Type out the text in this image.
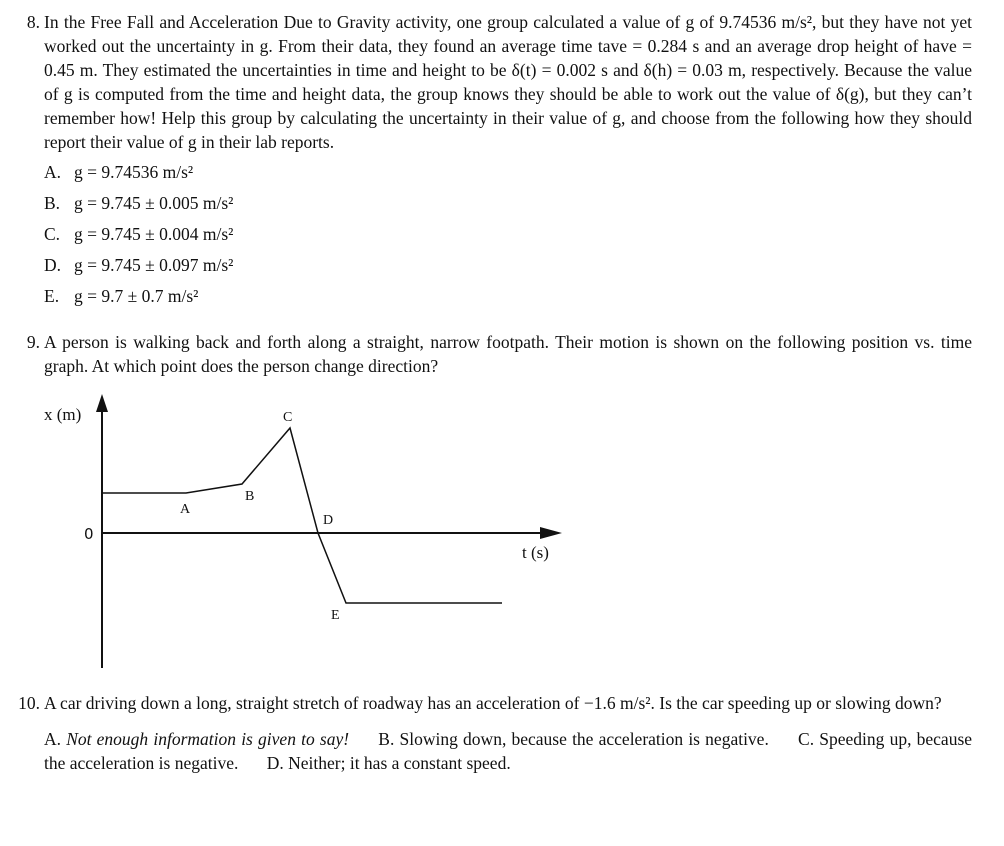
8. In the Free Fall and Acceleration Due to Gravity activity, one group calculated a value of g of 9.74536 m/s², but they have not yet worked out the uncertainty in g. From their data, they found an average time tave = 0.284 s and an average drop height of have = 0.45 m. They estimated the uncertainties in time and height to be δ(t) = 0.002 s and δ(h) = 0.03 m, respectively. Because the value of g is computed from the time and height data, the group knows they should be able to work out the value of δ(g), but they can’t remember how! Help this group by calculating the uncertainty in their value of g, and choose from the following how they should report their value of g in their lab reports.

A. g = 9.74536 m/s²
B. g = 9.745 ± 0.005 m/s²
C. g = 9.745 ± 0.004 m/s²
D. g = 9.745 ± 0.097 m/s²
E. g = 9.7 ± 0.7 m/s²
9. A person is walking back and forth along a straight, narrow footpath. Their motion is shown on the following position vs. time graph. At which point does the person change direction?

x (m)
t (s)
0
A
B
C
D
E
10. A car driving down a long, straight stretch of roadway has an acceleration of −1.6 m/s². Is the car speeding up or slowing down?

A. Not enough information is given to say! B. Slowing down, because the acceleration is negative. C. Speeding up, because the acceleration is negative. D. Neither; it has a constant speed.
